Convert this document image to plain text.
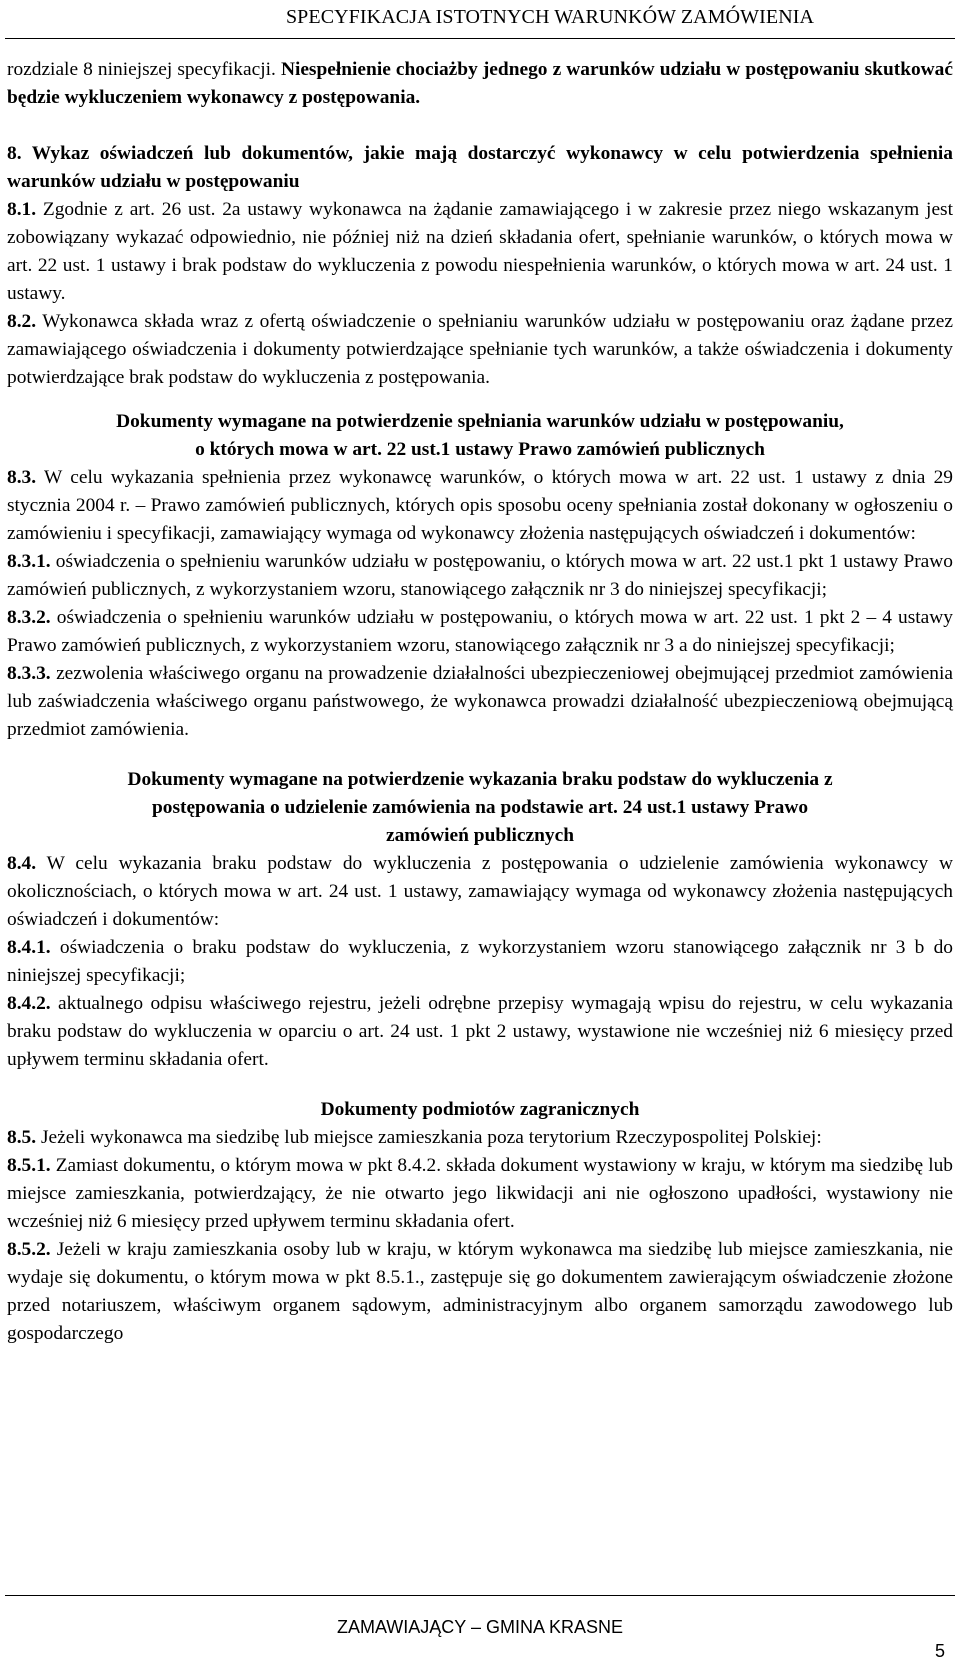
SPECYFIKACJA ISTOTNYCH WARUNKÓW ZAMÓWIENIA

rozdziale 8 niniejszej specyfikacji. Niespełnienie chociażby jednego z warunków udziału w postępowaniu skutkować będzie wykluczeniem wykonawcy z postępowania.

8. Wykaz oświadczeń lub dokumentów, jakie mają dostarczyć wykonawcy w celu potwierdzenia spełnienia warunków udziału w postępowaniu

8.1. Zgodnie z art. 26 ust. 2a ustawy wykonawca na żądanie zamawiającego i w zakresie przez niego wskazanym jest zobowiązany wykazać odpowiednio, nie później niż na dzień składania ofert, spełnianie warunków, o których mowa w art. 22 ust. 1 ustawy i brak podstaw do wykluczenia z powodu niespełnienia warunków, o których mowa w art. 24 ust. 1 ustawy.

8.2. Wykonawca składa wraz z ofertą oświadczenie o spełnianiu warunków udziału w postępowaniu oraz żądane przez zamawiającego oświadczenia i dokumenty potwierdzające spełnianie tych warunków, a także oświadczenia i dokumenty potwierdzające brak podstaw do wykluczenia z postępowania.

Dokumenty wymagane na potwierdzenie spełniania warunków udziału w postępowaniu,
o których mowa w art. 22 ust.1 ustawy Prawo zamówień publicznych

8.3. W celu wykazania spełnienia przez wykonawcę warunków, o których mowa w art. 22 ust. 1 ustawy z dnia 29 stycznia 2004 r. – Prawo zamówień publicznych, których opis sposobu oceny spełniania został dokonany w ogłoszeniu o zamówieniu i specyfikacji, zamawiający wymaga od wykonawcy złożenia następujących oświadczeń i dokumentów:

8.3.1. oświadczenia o spełnieniu warunków udziału w postępowaniu, o których mowa w art. 22 ust.1 pkt 1 ustawy Prawo zamówień publicznych, z wykorzystaniem wzoru, stanowiącego załącznik nr 3 do niniejszej specyfikacji;

8.3.2. oświadczenia o spełnieniu warunków udziału w postępowaniu, o których mowa w art. 22 ust. 1 pkt 2 – 4 ustawy Prawo zamówień publicznych, z wykorzystaniem wzoru, stanowiącego załącznik nr 3 a do niniejszej specyfikacji;

8.3.3. zezwolenia właściwego organu na prowadzenie działalności ubezpieczeniowej obejmującej przedmiot zamówienia lub zaświadczenia właściwego organu państwowego, że wykonawca prowadzi działalność ubezpieczeniową obejmującą przedmiot zamówienia.

Dokumenty wymagane na potwierdzenie wykazania braku podstaw do wykluczenia z
postępowania o udzielenie zamówienia na podstawie art. 24 ust.1 ustawy Prawo
zamówień publicznych

8.4. W celu wykazania braku podstaw do wykluczenia z postępowania o udzielenie zamówienia wykonawcy w okolicznościach, o których mowa w art. 24 ust. 1 ustawy, zamawiający wymaga od wykonawcy złożenia następujących oświadczeń i dokumentów:

8.4.1. oświadczenia o braku podstaw do wykluczenia, z wykorzystaniem wzoru stanowiącego załącznik nr 3 b do niniejszej specyfikacji;

8.4.2. aktualnego odpisu właściwego rejestru, jeżeli odrębne przepisy wymagają wpisu do rejestru, w celu wykazania braku podstaw do wykluczenia w oparciu o art. 24 ust. 1 pkt 2 ustawy, wystawione nie wcześniej niż 6 miesięcy przed upływem terminu składania ofert.

Dokumenty podmiotów zagranicznych

8.5. Jeżeli wykonawca ma siedzibę lub miejsce zamieszkania poza terytorium Rzeczypospolitej Polskiej:

8.5.1. Zamiast dokumentu, o którym mowa w pkt 8.4.2. składa dokument wystawiony w kraju, w którym ma siedzibę lub miejsce zamieszkania, potwierdzający, że nie otwarto jego likwidacji ani nie ogłoszono upadłości, wystawiony nie wcześniej niż 6 miesięcy przed upływem terminu składania ofert.

8.5.2. Jeżeli w kraju zamieszkania osoby lub w kraju, w którym wykonawca ma siedzibę lub miejsce zamieszkania, nie wydaje się dokumentu, o którym mowa w pkt 8.5.1., zastępuje się go dokumentem zawierającym oświadczenie złożone przed notariuszem, właściwym organem sądowym, administracyjnym albo organem samorządu zawodowego lub gospodarczego

ZAMAWIAJĄCY – GMINA KRASNE
5
